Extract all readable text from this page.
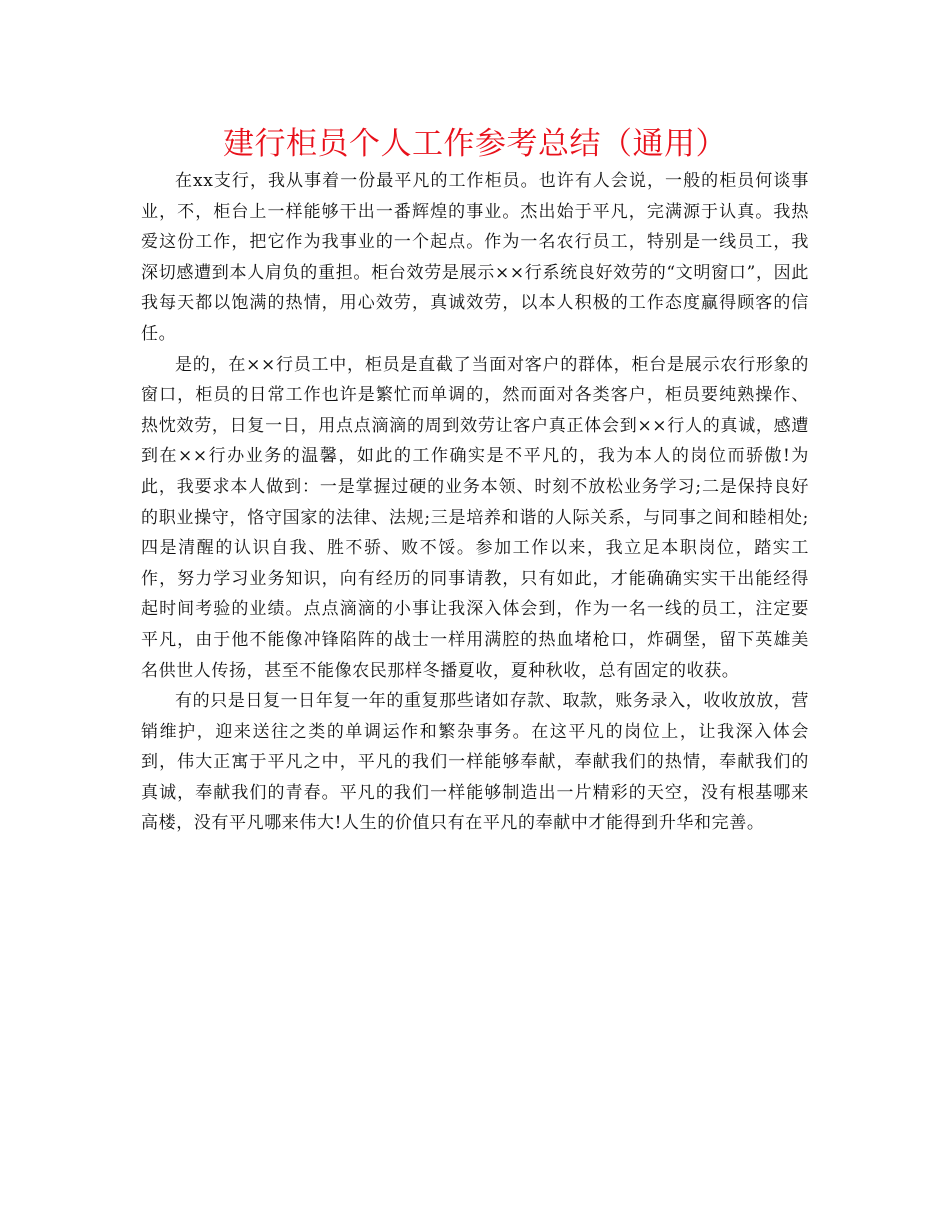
建行柜员个人工作参考总结（通用）

在xx支行，我从事着一份最平凡的工作柜员。也许有人会说，一般的柜员何谈事业，不，柜台上一样能够干出一番辉煌的事业。杰出始于平凡，完满源于认真。我热爱这份工作，把它作为我事业的一个起点。作为一名农行员工，特别是一线员工，我深切感遭到本人肩负的重担。柜台效劳是展示××行系统良好效劳的“文明窗口”，因此我每天都以饱满的热情，用心效劳，真诚效劳，以本人积极的工作态度赢得顾客的信任。

是的，在××行员工中，柜员是直截了当面对客户的群体，柜台是展示农行形象的窗口，柜员的日常工作也许是繁忙而单调的，然而面对各类客户，柜员要纯熟操作、热忱效劳，日复一日，用点点滴滴的周到效劳让客户真正体会到××行人的真诚，感遭到在××行办业务的温馨，如此的工作确实是不平凡的，我为本人的岗位而骄傲!为此，我要求本人做到：一是掌握过硬的业务本领、时刻不放松业务学习;二是保持良好的职业操守，恪守国家的法律、法规;三是培养和谐的人际关系，与同事之间和睦相处;四是清醒的认识自我、胜不骄、败不馁。参加工作以来，我立足本职岗位，踏实工作，努力学习业务知识，向有经历的同事请教，只有如此，才能确确实实干出能经得起时间考验的业绩。点点滴滴的小事让我深入体会到，作为一名一线的员工，注定要平凡，由于他不能像冲锋陷阵的战士一样用满腔的热血堵枪口，炸碉堡，留下英雄美名供世人传扬，甚至不能像农民那样冬播夏收，夏种秋收，总有固定的收获。

有的只是日复一日年复一年的重复那些诸如存款、取款，账务录入，收收放放，营销维护，迎来送往之类的单调运作和繁杂事务。在这平凡的岗位上，让我深入体会到，伟大正寓于平凡之中，平凡的我们一样能够奉献，奉献我们的热情，奉献我们的真诚，奉献我们的青春。平凡的我们一样能够制造出一片精彩的天空，没有根基哪来高楼，没有平凡哪来伟大!人生的价值只有在平凡的奉献中才能得到升华和完善。
